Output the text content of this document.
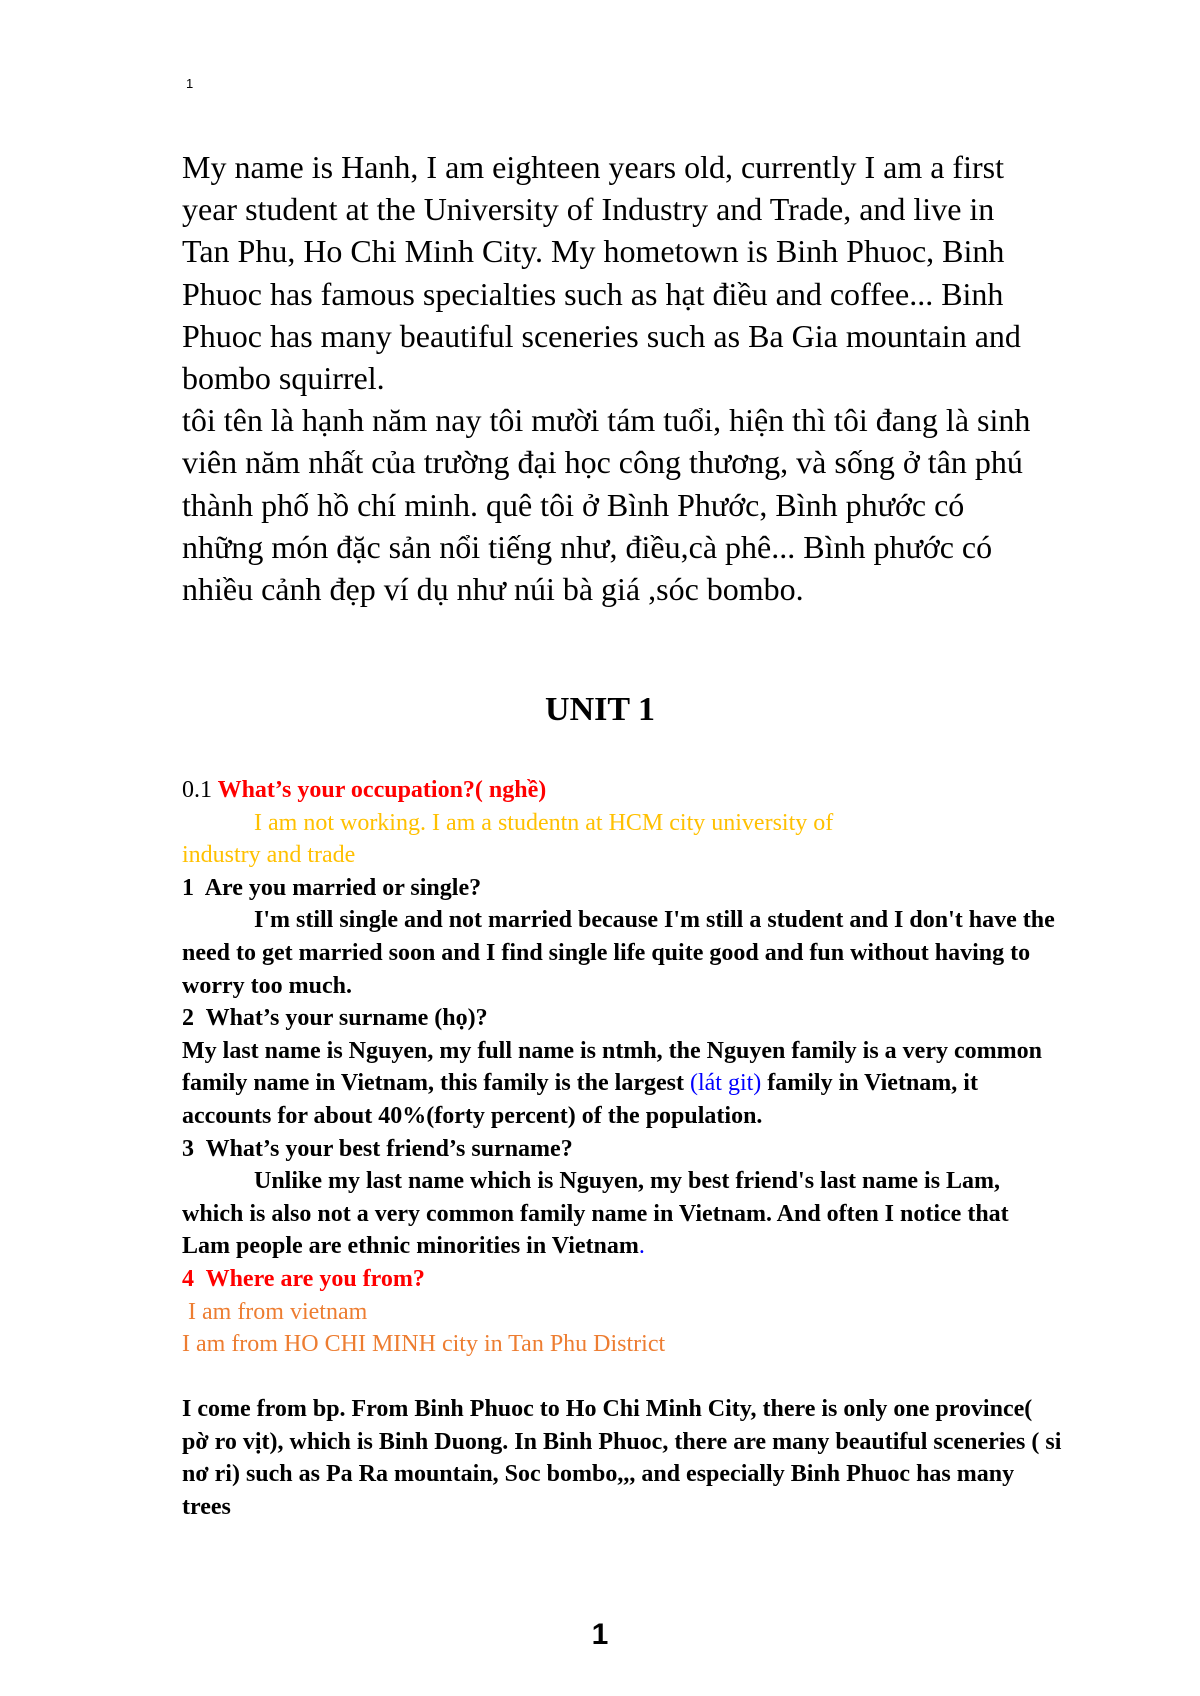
1

My name is Hanh, I am eighteen years old, currently I am a first year student at the University of Industry and Trade, and live in Tan Phu, Ho Chi Minh City. My hometown is Binh Phuoc, Binh Phuoc has famous specialties such as hạt điều and coffee... Binh Phuoc has many beautiful sceneries such as Ba Gia mountain and bombo squirrel.

tôi tên là hạnh năm nay tôi mười tám tuổi, hiện thì tôi đang là sinh viên năm nhất của trường đại học công thương, và sống ở tân phú thành phố hồ chí minh. quê tôi ở Bình Phước, Bình phước có những món đặc sản nổi tiếng như, điều,cà phê... Bình phước có nhiều cảnh đẹp ví dụ như núi bà giá ,sóc bombo.

UNIT 1

0.1 What’s your occupation?( nghề)

I am not working. I am a studentn at HCM city university of

industry and trade

1 Are you married or single?

I'm still single and not married because I'm still a student and I don't have the need to get married soon and I find single life quite good and fun without having to worry too much.

2 What’s your surname (họ)?

My last name is Nguyen, my full name is ntmh, the Nguyen family is a very common family name in Vietnam, this family is the largest (lát git) family in Vietnam, it accounts for about 40%(forty percent) of the population.

3 What’s your best friend’s surname?

Unlike my last name which is Nguyen, my best friend's last name is Lam, which is also not a very common family name in Vietnam. And often I notice that Lam people are ethnic minorities in Vietnam.

4 Where are you from?

I am from vietnam

I am from HO CHI MINH city in Tan Phu District

I come from bp. From Binh Phuoc to Ho Chi Minh City, there is only one province( pờ ro vịt), which is Binh Duong. In Binh Phuoc, there are many beautiful sceneries ( si nơ ri) such as Pa Ra mountain, Soc bombo,,, and especially Binh Phuoc has many trees

1
